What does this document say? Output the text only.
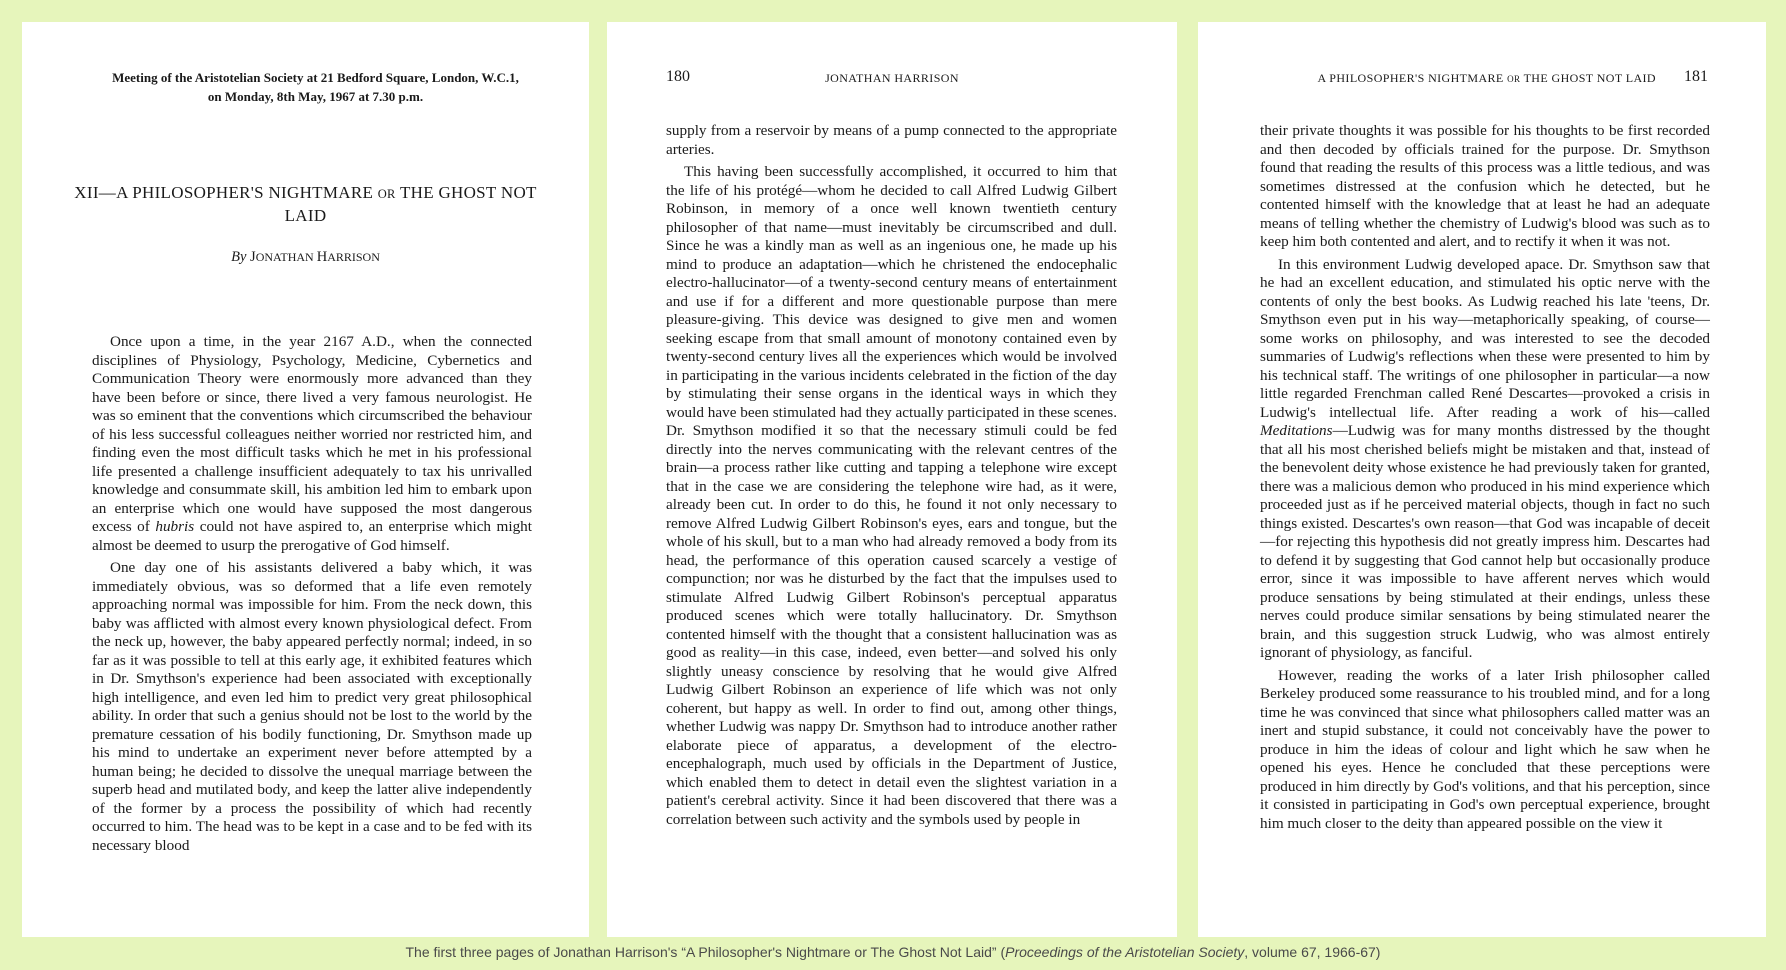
Meeting of the Aristotelian Society at 21 Bedford Square, London, W.C.1,
on Monday, 8th May, 1967 at 7.30 p.m.
XII—A PHILOSOPHER'S NIGHTMARE OR THE GHOST NOT LAID
By JONATHAN HARRISON

Once upon a time, in the year 2167 A.D., when the connected disciplines of Physiology, Psychology, Medicine, Cybernetics and Communication Theory were enormously more advanced than they have been before or since, there lived a very famous neurologist. He was so eminent that the conventions which circumscribed the behaviour of his less successful colleagues neither worried nor restricted him, and finding even the most difficult tasks which he met in his professional life presented a challenge insufficient adequately to tax his unrivalled knowledge and consummate skill, his ambition led him to embark upon an enterprise which one would have supposed the most dangerous excess of hubris could not have aspired to, an enterprise which might almost be deemed to usurp the prerogative of God himself.

One day one of his assistants delivered a baby which, it was immediately obvious, was so deformed that a life even remotely approaching normal was impossible for him. From the neck down, this baby was afflicted with almost every known physiological defect. From the neck up, however, the baby appeared perfectly normal; indeed, in so far as it was possible to tell at this early age, it exhibited features which in Dr. Smythson's experience had been associated with exceptionally high intelligence, and even led him to predict very great philosophical ability. In order that such a genius should not be lost to the world by the premature cessation of his bodily functioning, Dr. Smythson made up his mind to undertake an experiment never before attempted by a human being; he decided to dissolve the unequal marriage between the superb head and mutilated body, and keep the latter alive independently of the former by a process the possibility of which had recently occurred to him. The head was to be kept in a case and to be fed with its necessary blood

180	JONATHAN HARRISON

supply from a reservoir by means of a pump connected to the appropriate arteries.

This having been successfully accomplished, it occurred to him that the life of his protégé—whom he decided to call Alfred Ludwig Gilbert Robinson, in memory of a once well known twentieth century philosopher of that name—must inevitably be circumscribed and dull. Since he was a kindly man as well as an ingenious one, he made up his mind to produce an adaptation—which he christened the endocephalic electro-hallucinator—of a twenty-second century means of entertainment and use if for a different and more questionable purpose than mere pleasure-giving. This device was designed to give men and women seeking escape from that small amount of monotony contained even by twenty-second century lives all the experiences which would be involved in participating in the various incidents celebrated in the fiction of the day by stimulating their sense organs in the identical ways in which they would have been stimulated had they actually participated in these scenes. Dr. Smythson modified it so that the necessary stimuli could be fed directly into the nerves communicating with the relevant centres of the brain—a process rather like cutting and tapping a telephone wire except that in the case we are considering the telephone wire had, as it were, already been cut. In order to do this, he found it not only necessary to remove Alfred Ludwig Gilbert Robinson's eyes, ears and tongue, but the whole of his skull, but to a man who had already removed a body from its head, the performance of this operation caused scarcely a vestige of compunction; nor was he disturbed by the fact that the impulses used to stimulate Alfred Ludwig Gilbert Robinson's perceptual apparatus produced scenes which were totally hallucinatory. Dr. Smythson contented himself with the thought that a consistent hallucination was as good as reality—in this case, indeed, even better—and solved his only slightly uneasy conscience by resolving that he would give Alfred Ludwig Gilbert Robinson an experience of life which was not only coherent, but happy as well. In order to find out, among other things, whether Ludwig was nappy Dr. Smythson had to introduce another rather elaborate piece of apparatus, a development of the electro-encephalograph, much used by officials in the Department of Justice, which enabled them to detect in detail even the slightest variation in a patient's cerebral activity. Since it had been discovered that there was a correlation between such activity and the symbols used by people in

A PHILOSOPHER'S NIGHTMARE OR THE GHOST NOT LAID 181

their private thoughts it was possible for his thoughts to be first recorded and then decoded by officials trained for the purpose. Dr. Smythson found that reading the results of this process was a little tedious, and was sometimes distressed at the confusion which he detected, but he contented himself with the knowledge that at least he had an adequate means of telling whether the chemistry of Ludwig's blood was such as to keep him both contented and alert, and to rectify it when it was not.

In this environment Ludwig developed apace. Dr. Smythson saw that he had an excellent education, and stimulated his optic nerve with the contents of only the best books. As Ludwig reached his late 'teens, Dr. Smythson even put in his way—metaphorically speaking, of course—some works on philosophy, and was interested to see the decoded summaries of Ludwig's reflections when these were presented to him by his technical staff. The writings of one philosopher in particular—a now little regarded Frenchman called René Descartes—provoked a crisis in Ludwig's intellectual life. After reading a work of his—called Meditations—Ludwig was for many months distressed by the thought that all his most cherished beliefs might be mistaken and that, instead of the benevolent deity whose existence he had previously taken for granted, there was a malicious demon who produced in his mind experience which proceeded just as if he perceived material objects, though in fact no such things existed. Descartes's own reason—that God was incapable of deceit—for rejecting this hypothesis did not greatly impress him. Descartes had to defend it by suggesting that God cannot help but occasionally produce error, since it was impossible to have afferent nerves which would produce sensations by being stimulated at their endings, unless these nerves could produce similar sensations by being stimulated nearer the brain, and this suggestion struck Ludwig, who was almost entirely ignorant of physiology, as fanciful.

However, reading the works of a later Irish philosopher called Berkeley produced some reassurance to his troubled mind, and for a long time he was convinced that since what philosophers called matter was an inert and stupid substance, it could not conceivably have the power to produce in him the ideas of colour and light which he saw when he opened his eyes. Hence he concluded that these perceptions were produced in him directly by God's volitions, and that his perception, since it consisted in participating in God's own perceptual experience, brought him much closer to the deity than appeared possible on the view it

The first three pages of Jonathan Harrison's “A Philosopher's Nightmare or The Ghost Not Laid” (Proceedings of the Aristotelian Society, volume 67, 1966-67)
